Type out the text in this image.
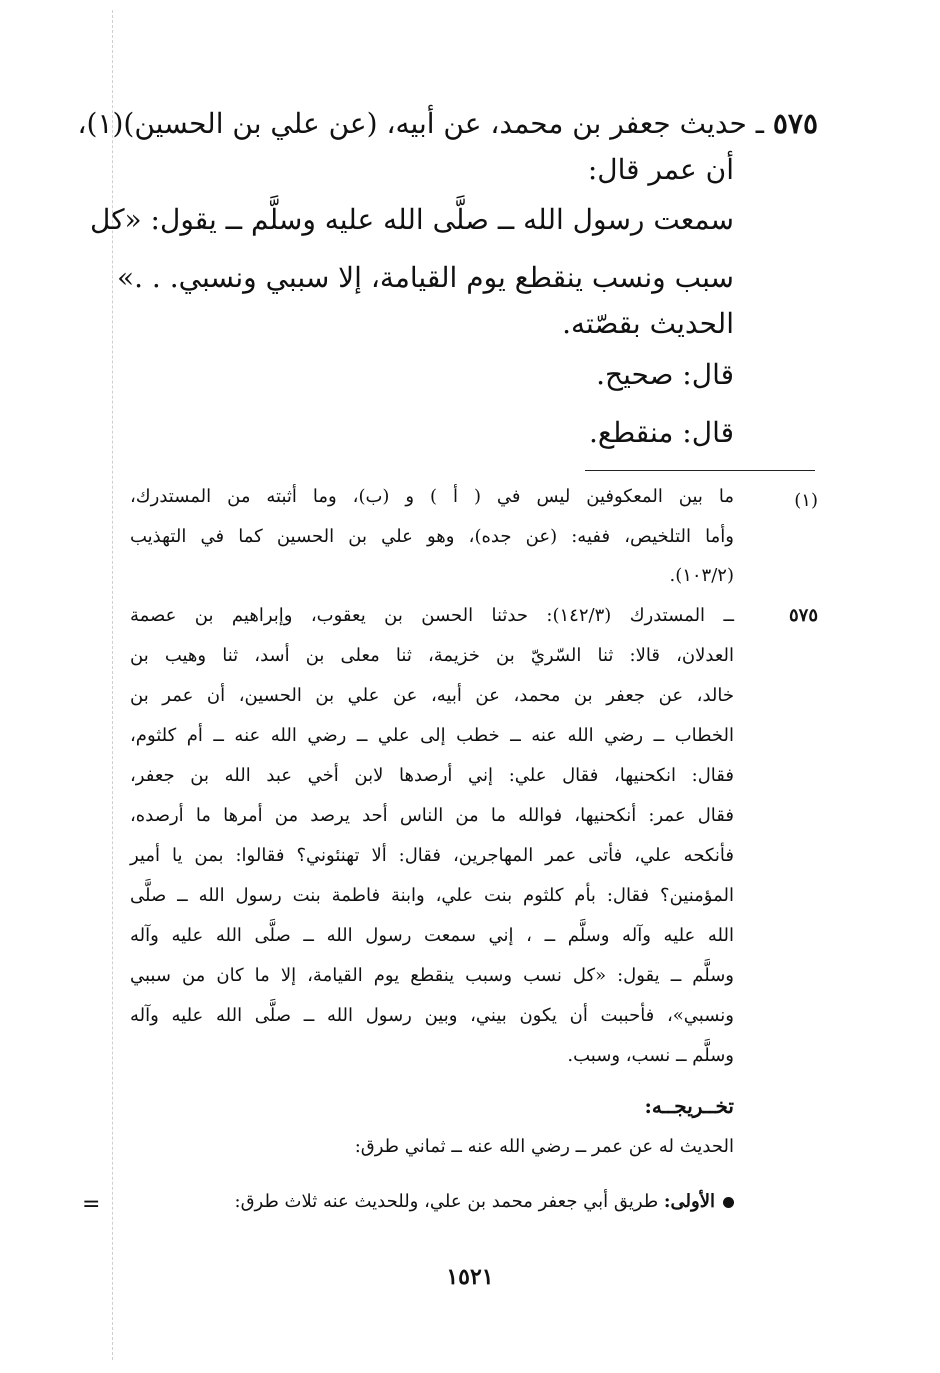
٥٧٥ ـ حديث جعفر بن محمد، عن أبيه، (عن علي بن الحسين)(١)،
أن عمر قال:
سمعت رسول الله ــ صلَّى الله عليه وسلَّم ــ يقول: «كل
سبب ونسب ينقطع يوم القيامة، إلا سببي ونسبي. . .»
الحديث بقصّته.
قال: صحيح.
قال: منقطع.
(١)
ما بين المعكوفين ليس في ( أ ) و (ب)، وما أثبته من المستدرك،
وأما التلخيص، ففيه: (عن جده)، وهو علي بن الحسين كما في التهذيب
(١٠٣/٢).
٥٧٥
ــ المستدرك (١٤٢/٣): حدثنا الحسن بن يعقوب، وإبراهيم بن عصمة
العدلان، قالا: ثنا السّريّ بن خزيمة، ثنا معلى بن أسد، ثنا وهيب بن
خالد، عن جعفر بن محمد، عن أبيه، عن علي بن الحسين، أن عمر بن
الخطاب ــ رضي الله عنه ــ خطب إلى علي ــ رضي الله عنه ــ أم كلثوم،
فقال: انكحنيها، فقال علي: إني أرصدها لابن أخي عبد الله بن جعفر،
فقال عمر: أنكحنيها، فوالله ما من الناس أحد يرصد من أمرها ما أرصده،
فأنكحه علي، فأتى عمر المهاجرين، فقال: ألا تهنئوني؟ فقالوا: بمن يا أمير
المؤمنين؟ فقال: بأم كلثوم بنت علي، وابنة فاطمة بنت رسول الله ــ صلَّى
الله عليه وآله وسلَّم ــ ، إني سمعت رسول الله ــ صلَّى الله عليه وآله
وسلَّم ــ يقول: «كل نسب وسبب ينقطع يوم القيامة، إلا ما كان من سببي
ونسبي»، فأحببت أن يكون بيني، وبين رسول الله ــ صلَّى الله عليه وآله
وسلَّم ــ نسب، وسبب.
تخــريجــه:
الحديث له عن عمر ــ رضي الله عنه ــ ثماني طرق:
الأولى: طريق أبي جعفر محمد بن علي، وللحديث عنه ثلاث طرق:
=
١٥٢١
